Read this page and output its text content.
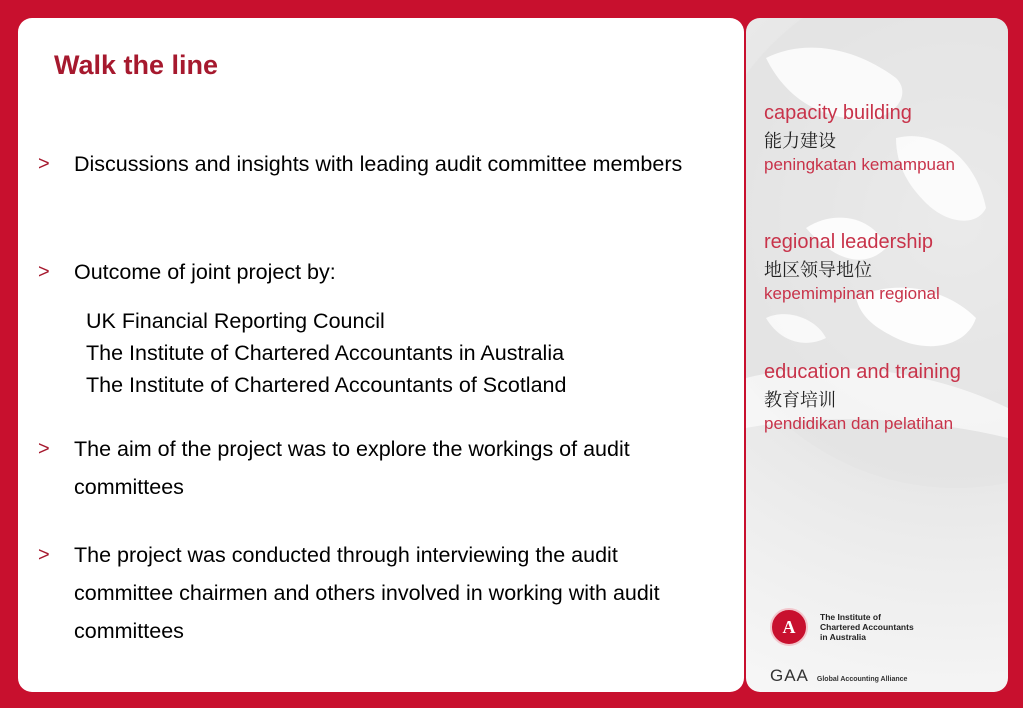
Walk the line
> Discussions and insights with leading audit committee members
> Outcome of joint project by:
UK Financial Reporting Council
The Institute of Chartered Accountants in Australia
The Institute of Chartered Accountants of Scotland
> The aim of the project was to explore the workings of audit committees
> The project was conducted through interviewing the audit committee chairmen and others involved in working with audit committees
capacity building
能力建设
peningkatan kemampuan
regional leadership
地区领导地位
kepemimpinan regional
education and training
教育培训
pendidikan dan pelatihan
A	The Institute of
Chartered Accountants
in Australia
GAA Global Accounting Alliance
